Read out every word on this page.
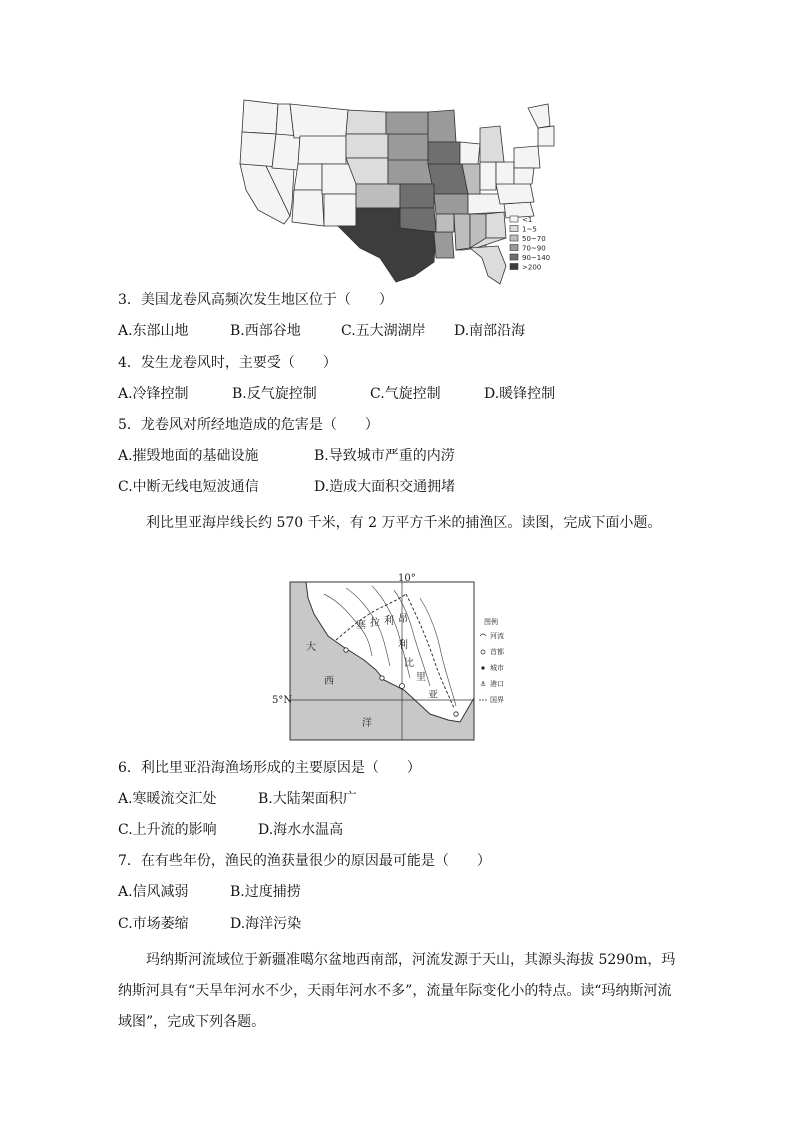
<1
1~5
50~70
70~90
90~140
>200
3．美国龙卷风高频次发生地区位于（　　）
A.东部山地	B.西部谷地	C.五大湖湖岸 D.南部沿海
4．发生龙卷风时，主要受（　　）
A.冷锋控制	B.反气旋控制	C.气旋控制	D.暖锋控制
5．龙卷风对所经地造成的危害是（　　）
A.摧毁地面的基础设施	B.导致城市严重的内涝
C.中断无线电短波通信	D.造成大面积交通拥堵

利比里亚海岸线长约 570 千米，有 2 万平方千米的捕渔区。读图，完成下面小题。

10°
5°N
塞 拉 利 昂
利
比
里
亚
大
西
洋
图例
河流
首都
城市
⚓ 港口
国界
6．利比里亚沿海渔场形成的主要原因是（　　）
A.寒暖流交汇处	B.大陆架面积广
C.上升流的影响	D.海水水温高
7．在有些年份，渔民的渔获量很少的原因最可能是（　　）
A.信风减弱	B.过度捕捞
C.市场萎缩	D.海洋污染

玛纳斯河流域位于新疆准噶尔盆地西南部，河流发源于天山，其源头海拔 5290m，玛纳斯河具有“天旱年河水不少，天雨年河水不多”，流量年际变化小的特点。读“玛纳斯河流域图”，完成下列各题。
